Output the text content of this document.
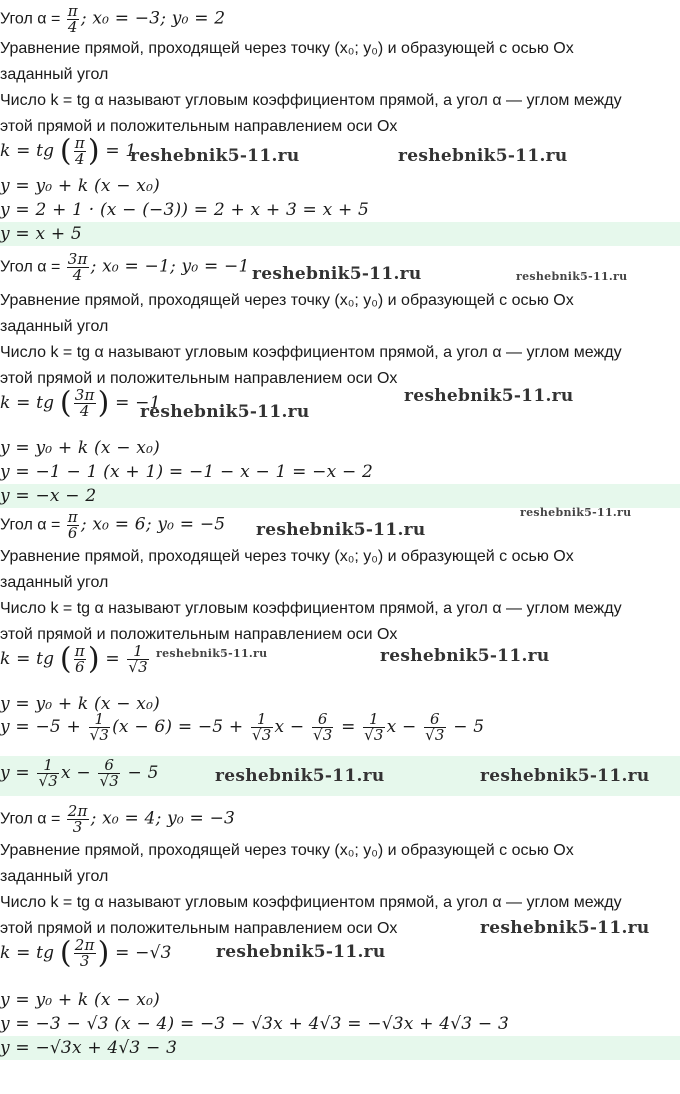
Угол $\alpha = \frac{\pi}{4}$ ; x₀ = −3; y₀ = 2
Уравнение прямой, проходящей через точку (x₀; y₀) и образующей с осью Ox
заданный угол
Число k = tg α называют угловым коэффициентом прямой, а угол α — углом между
этой прямой и положительным направлением оси Ox
k = tg ( $\frac{\pi}{4}$ ) = 1
y = y₀ + k (x − x₀)
y = 2 + 1 · (x − (−3)) = 2 + x + 3 = x + 5
y = x + 5
Угол $\alpha = \frac{3\pi}{4}$ ; x₀ = −1; y₀ = −1
Уравнение прямой, проходящей через точку (x₀; y₀) и образующей с осью Ox
заданный угол
Число k = tg α называют угловым коэффициентом прямой, а угол α — углом между
этой прямой и положительным направлением оси Ox
k = tg ( $\frac{3\pi}{4}$ ) = −1
y = y₀ + k (x − x₀)
y = −1 − 1 (x + 1) = −1 − x − 1 = −x − 2
y = −x − 2
Угол $\alpha = \frac{\pi}{6}$ ; x₀ = 6; y₀ = −5
Уравнение прямой, проходящей через точку (x₀; y₀) и образующей с осью Ox
заданный угол
Число k = tg α называют угловым коэффициентом прямой, а угол α — углом между
этой прямой и положительным направлением оси Ox
k = tg ( $\frac{\pi}{6}$ ) = $\frac{1}{√3}$
y = y₀ + k (x − x₀)
$y = -5 + \frac{1}{√3} (x - 6) = -5 + \frac{1}{√3}$ $x - \frac{6}{√3} = \frac{1}{√3}$ $x - \frac{6}{√3} - 5$
$y = \frac{1}{√3}$ $x - \frac{6}{√3} - 5$
Угол $\alpha = \frac{2\pi}{3}$ ; x₀ = 4; y₀ = −3
Уравнение прямой, проходящей через точку (x₀; y₀) и образующей с осью Ox
заданный угол
Число k = tg α называют угловым коэффициентом прямой, а угол α — углом между
этой прямой и положительным направлением оси Ox
k = tg ( $\frac{2\pi}{3}$ ) = −√3
y = y₀ + k (x − x₀)
y = −3 − √3 (x − 4) = −3 − √3x + 4√3 = −√3x + 4√3 − 3
y = −√3x + 4√3 − 3
reshebnik5-11.ru	reshebnik5-11.ru
reshebnik5-11.ru	reshebnik5-11.ru
reshebnik5-11.ru
reshebnik5-11.ru
reshebnik5-11.ru
reshebnik5-11.ru
reshebnik5-11.ru	reshebnik5-11.ru
reshebnik5-11.ru	reshebnik5-11.ru
reshebnik5-11.ru
reshebnik5-11.ru
